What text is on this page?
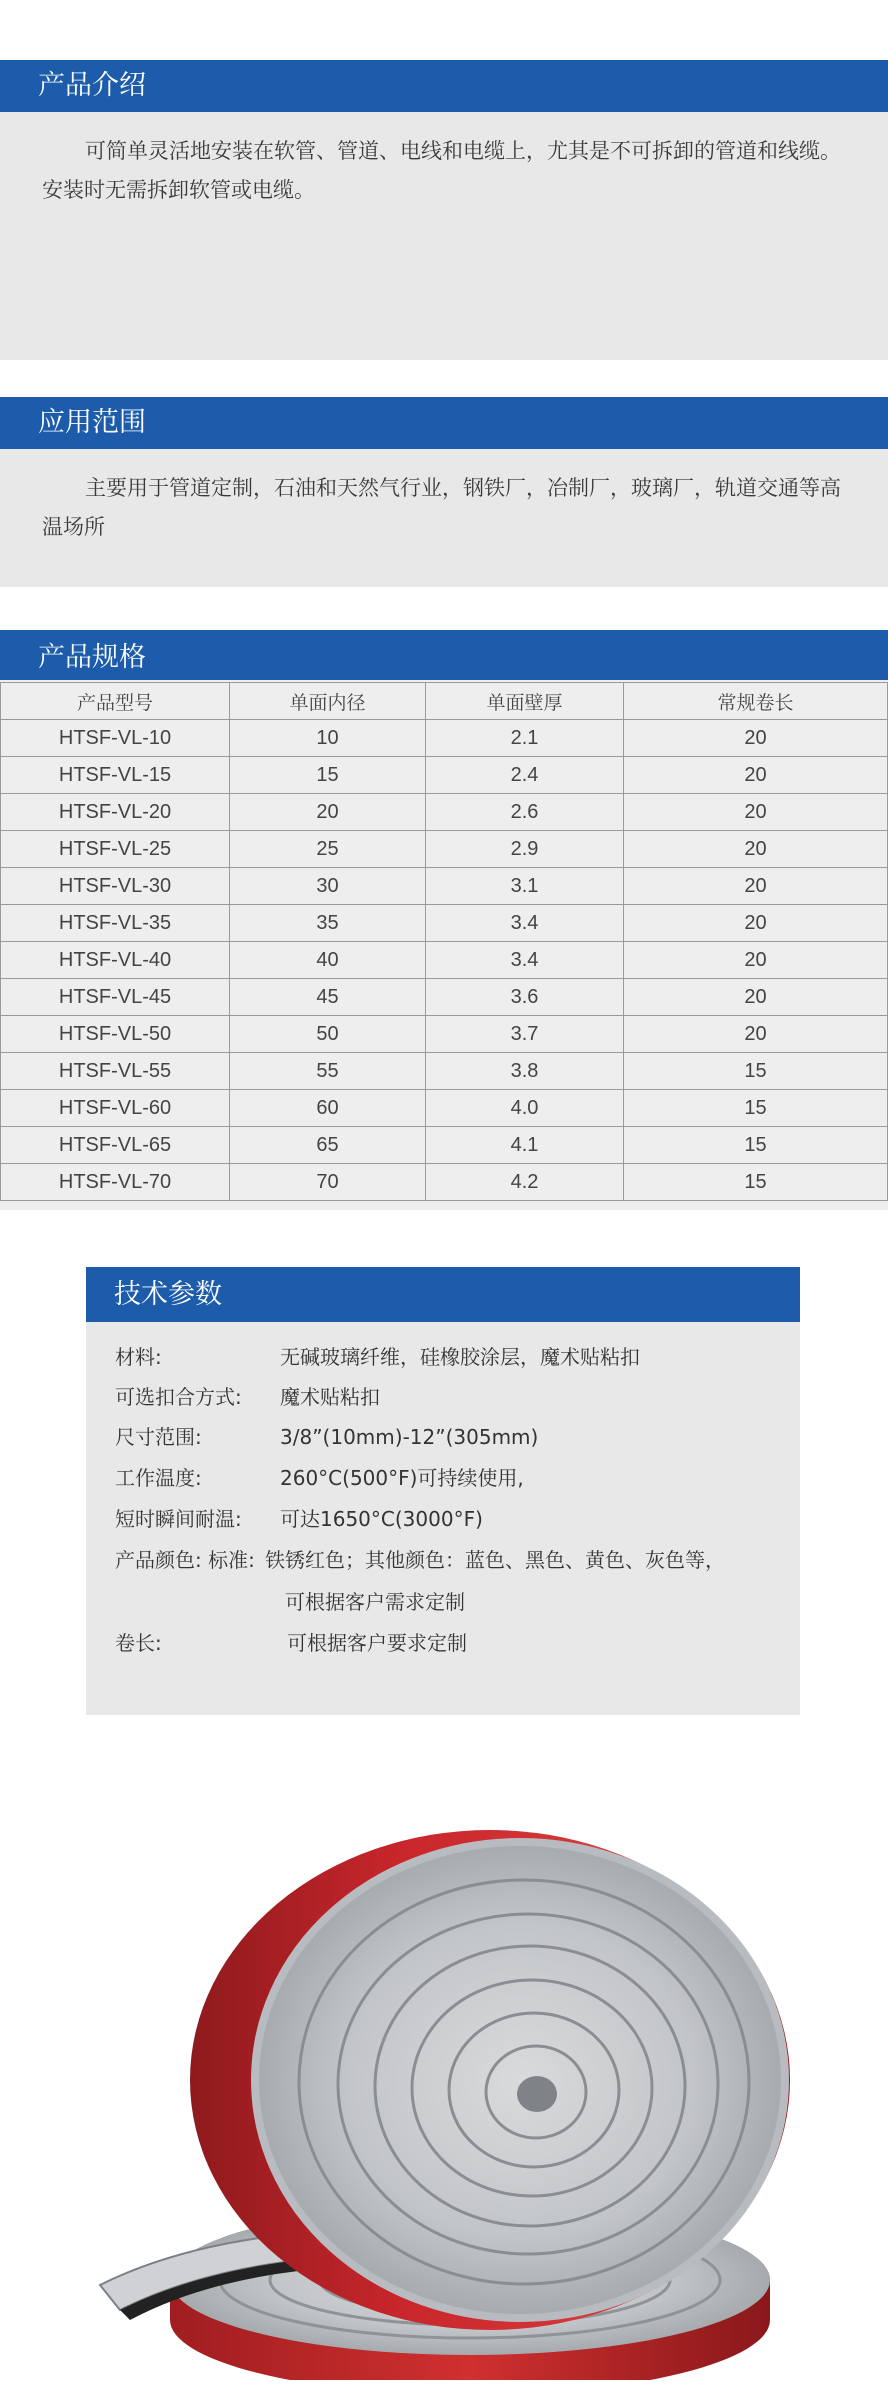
产品介绍
可简单灵活地安装在软管、管道、电线和电缆上，尤其是不可拆卸的管道和线缆。安装时无需拆卸软管或电缆。
应用范围
主要用于管道定制，石油和天然气行业，钢铁厂，冶制厂，玻璃厂，轨道交通等高温场所
产品规格
产品型号	单面内径	单面壁厚	常规卷长
HTSF-VL-10	10	2.1	20
HTSF-VL-15	15	2.4	20
HTSF-VL-20	20	2.6	20
HTSF-VL-25	25	2.9	20
HTSF-VL-30	30	3.1	20
HTSF-VL-35	35	3.4	20
HTSF-VL-40	40	3.4	20
HTSF-VL-45	45	3.6	20
HTSF-VL-50	50	3.7	20
HTSF-VL-55	55	3.8	15
HTSF-VL-60	60	4.0	15
HTSF-VL-65	65	4.1	15
HTSF-VL-70	70	4.2	15
技术参数
材料:	无碱玻璃纤维，硅橡胶涂层，魔术贴粘扣
可选扣合方式: 魔术贴粘扣
尺寸范围:	3/8”(10mm)-12”(305mm)
工作温度:	260°C(500°F)可持续使用,
短时瞬间耐温: 可达1650°C(3000°F)
产品颜色: 标准: 铁锈红色；其他颜色：蓝色、黑色、黄色、灰色等，
可根据客户需求定制
卷长:	可根据客户要求定制
